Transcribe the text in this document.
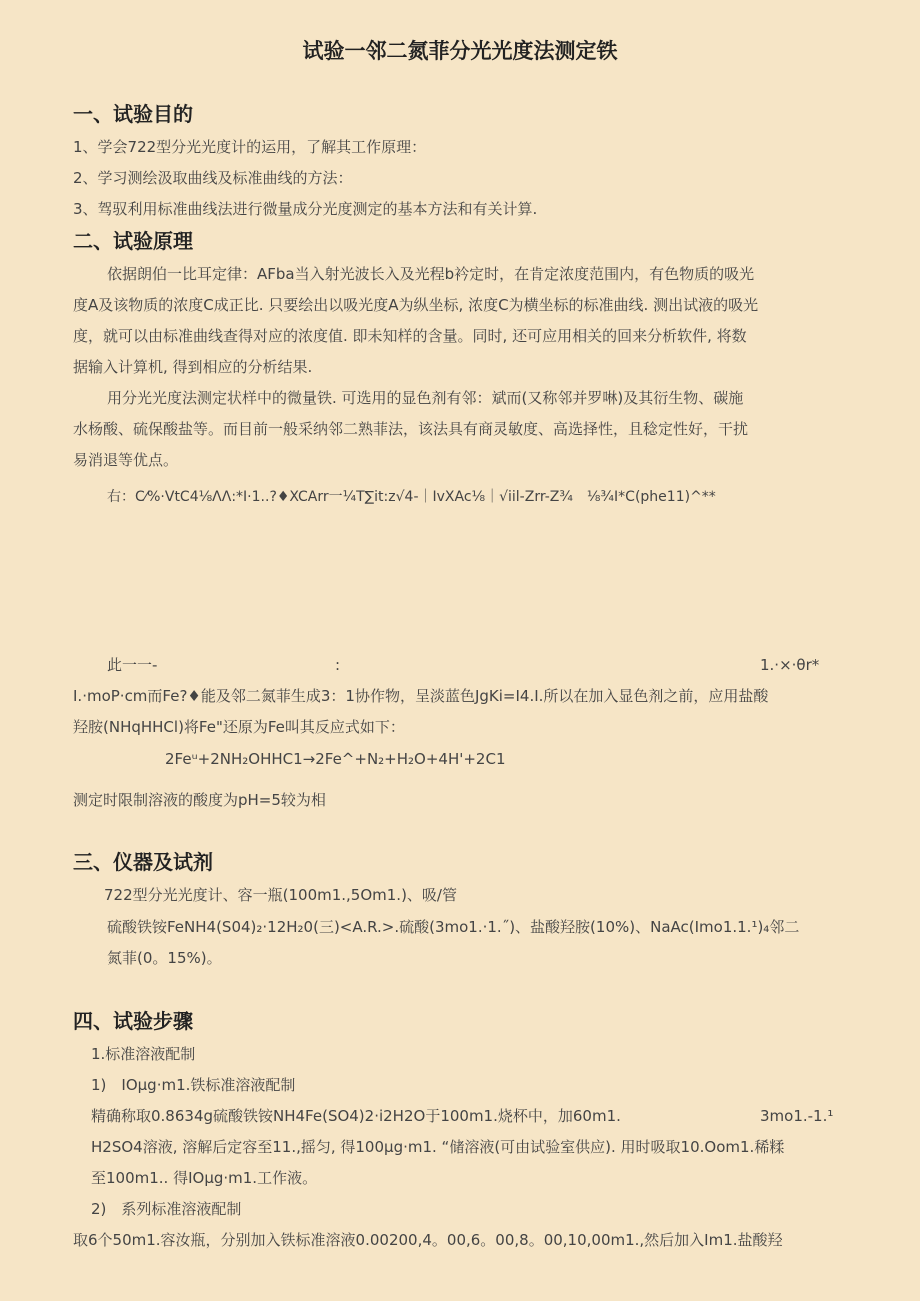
试验一邻二氮菲分光光度法测定铁
一、试验目的
1、学会722型分光光度计的运用，了解其工作原理：
2、学习测绘汲取曲线及标准曲线的方法：
3、驾驭利用标准曲线法进行微量成分光度测定的基本方法和有关计算.
二、试验原理
依据朗伯一比耳定律：AFba当入射光波长入及光程b衿定时，在肯定浓度范围内，有色物质的吸光
度A及该物质的浓度C成正比. 只要绘出以吸光度A为纵坐标, 浓度C为横坐标的标准曲线. 测出试液的吸光
度，就可以由标准曲线查得对应的浓度值. 即未知样的含量。同时, 还可应用相关的回来分析软件, 将数
据输入计算机, 得到相应的分析结果.
用分光光度法测定状样中的微量铁. 可选用的显色剂有邻：斌而(又称邻并罗啉)及其衍生物、碳施
水杨酸、硫保酸盐等。而目前一般采纳邻二熟菲法，该法具有商灵敏度、高选择性，且稔定性好，干扰
易消退等优点。
右：C⁄%·VtC4⅛ΛΛ:*I·1..?♦XCArr一¼T∑it:z√4-｜IvXAc⅛｜√iil-Zrr-Z¾　⅛¾I*C(phe11)^**
此一一-	:	1.·×·θr*
I.·moP·cm而Fe?♦能及邻二氮菲生成3：1协作物，呈淡蓝色JgKi=I4.I.所以在加入显色剂之前，应用盐酸
羟胺(NHqHHCl)将Fe"还原为Fe叫其反应式如下：
2Feᵘ+2NH₂OHHC1→2Fe^+N₂+H₂O+4H'+2C1
测定时限制溶液的酸度为pH=5较为相
三、仪器及试剂
722型分光光度计、容一瓶(100m1.,5Om1.)、吸/管
硫酸铁铵FeNH4(S04)₂·12H₂0(三)<A.R.>.硫酸(3mo1.·1.˝)、盐酸羟胺(10%)、NaAc(Imo1.1.¹)₄邻二
氮菲(0。15%)。
四、试验步骤
1.标准溶液配制
1)　IOμg·m1.铁标准溶液配制
精确称取0.8634g硫酸铁铵NH4Fe(SO4)2·i2H2O于100m1.烧杯中，加60m1.	3mo1.-1.¹
H2SO4溶液, 溶解后定容至11.,摇匀, 得100μg·m1. “储溶液(可由试验室供应). 用时吸取10.Oom1.稀糅
至100m1.. 得IOμg·m1.工作液。
2)　系列标准溶液配制
取6个50m1.容汝瓶，分别加入铁标准溶液0.00200,4。00,6。00,8。00,10,00m1.,然后加入Im1.盐酸羟
